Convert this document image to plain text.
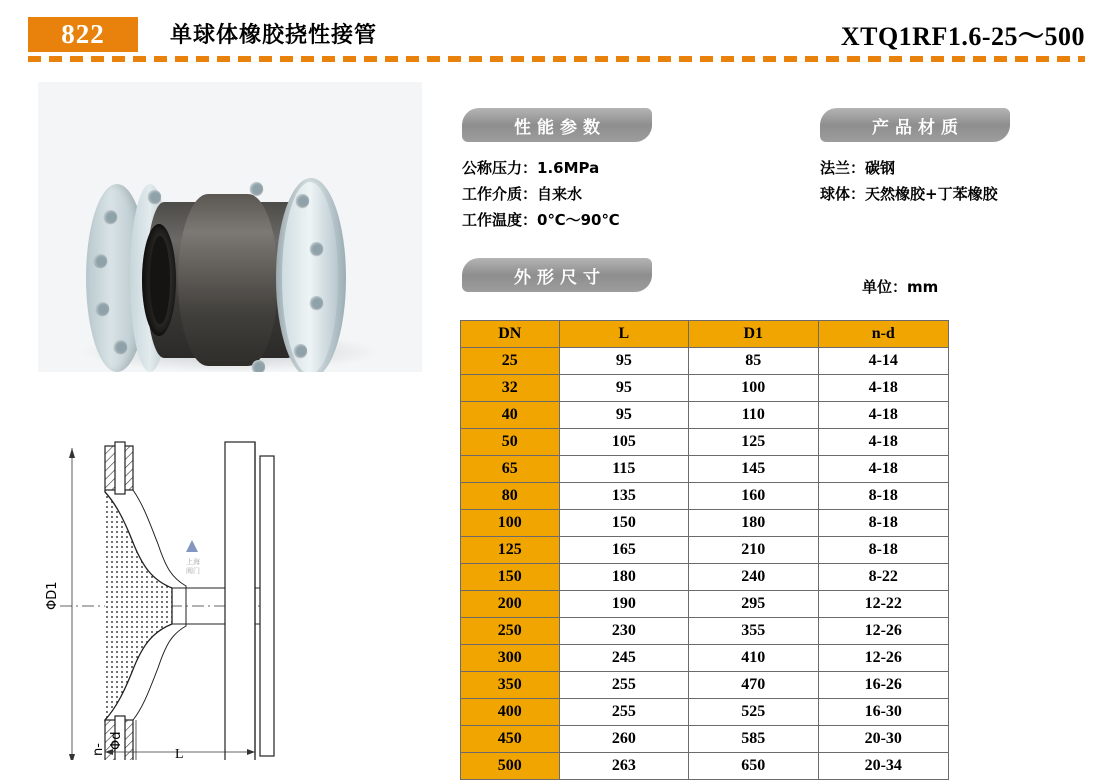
822	单球体橡胶挠性接管	XTQ1RF1.6-25～500
上海
阀门
ΦD1
Φd
n-	L
性能参数	产品材质
外形尺寸
公称压力：1.6MPa
工作介质：自来水
工作温度：0℃～90℃
法兰：碳钢
球体：天然橡胶+丁苯橡胶
单位：mm
DN	L	D1	n-d
25	95	85	4-14
32	95	100	4-18
40	95	110	4-18
50	105	125	4-18
65	115	145	4-18
80	135	160	8-18
100	150	180	8-18
125	165	210	8-18
150	180	240	8-22
200	190	295	12-22
250	230	355	12-26
300	245	410	12-26
350	255	470	16-26
400	255	525	16-30
450	260	585	20-30
500	263	650	20-34
